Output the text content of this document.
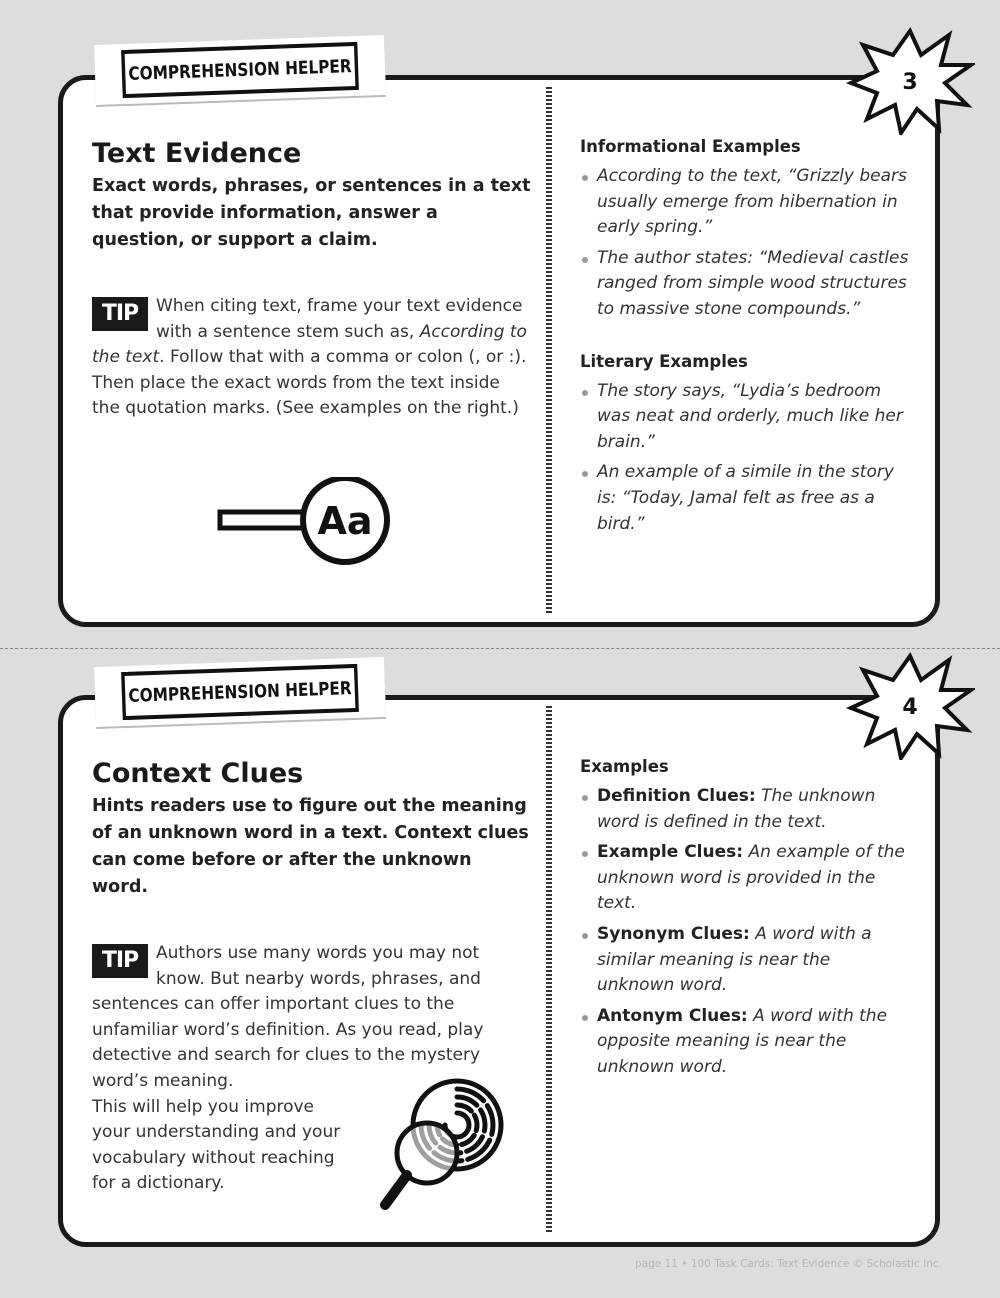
COMPREHENSION HELPER	3
Text Evidence
Exact words, phrases, or sentences in a text that provide information, answer a question, or support a claim.
TIP	When citing text, frame your text evidence with a sentence stem such as, According to the text. Follow that with a comma or colon (, or :). Then place the exact words from the text inside the quotation marks. (See examples on the right.)
Aa
Informational Examples
According to the text, “Grizzly bears usually emerge from hibernation in early spring.”
The author states: “Medieval castles ranged from simple wood structures to massive stone compounds.”
Literary Examples
The story says, “Lydia’s bedroom was neat and orderly, much like her brain.”
An example of a simile in the story is: “Today, Jamal felt as free as a bird.”
COMPREHENSION HELPER
4
Context Clues
Hints readers use to figure out the meaning of an unknown word in a text. Context clues can come before or after the unknown word.
TIP	Authors use many words you may not know. But nearby words, phrases, and sentences can offer important clues to the unfamiliar word’s definition. As you read, play detective and search for clues to the mystery word’s meaning.
This will help you improve
your understanding and your
vocabulary without reaching
for a dictionary.
Examples
Definition Clues: The unknown word is defined in the text.
Example Clues: An example of the unknown word is provided in the text.
Synonym Clues: A word with a similar meaning is near the unknown word.
Antonym Clues: A word with the opposite meaning is near the unknown word.
page 11 • 100 Task Cards: Text Evidence © Scholastic Inc.
